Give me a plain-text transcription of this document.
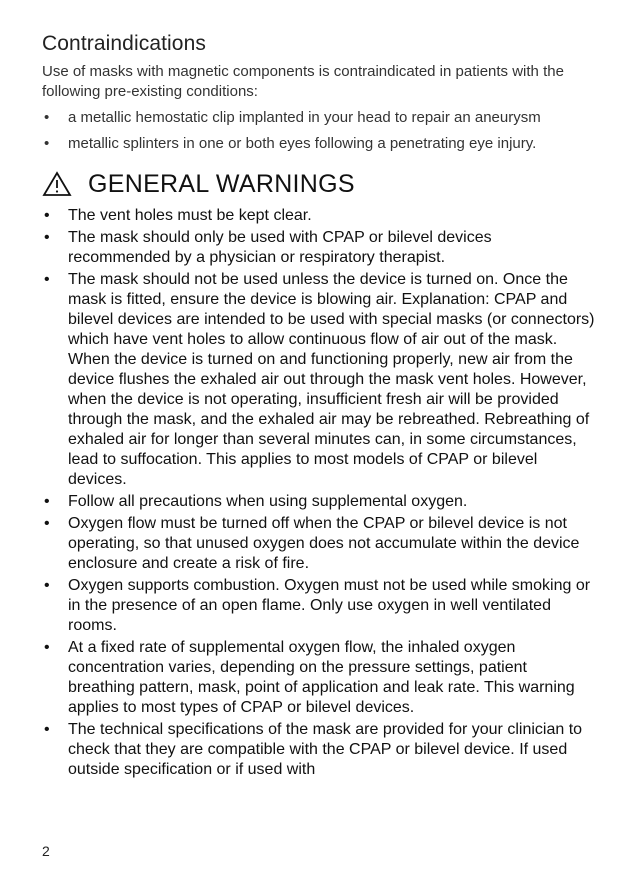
Contraindications

Use of masks with magnetic components is contraindicated in patients with the following pre-existing conditions:

•	a metallic hemostatic clip implanted in your head to repair an aneurysm
•	metallic splinters in one or both eyes following a penetrating eye injury.
GENERAL WARNINGS
•	The vent holes must be kept clear.
•	The mask should only be used with CPAP or bilevel devices recommended by a physician or respiratory therapist.
•	The mask should not be used unless the device is turned on. Once the mask is fitted, ensure the device is blowing air. Explanation: CPAP and bilevel devices are intended to be used with special masks (or connectors) which have vent holes to allow continuous flow of air out of the mask. When the device is turned on and functioning properly, new air from the device flushes the exhaled air out through the mask vent holes. However, when the device is not operating, insufficient fresh air will be provided through the mask, and the exhaled air may be rebreathed. Rebreathing of exhaled air for longer than several minutes can, in some circumstances, lead to suffocation. This applies to most models of CPAP or bilevel devices.
•	Follow all precautions when using supplemental oxygen.
•	Oxygen flow must be turned off when the CPAP or bilevel device is not operating, so that unused oxygen does not accumulate within the device enclosure and create a risk of fire.
•	Oxygen supports combustion. Oxygen must not be used while smoking or in the presence of an open flame. Only use oxygen in well ventilated rooms.
•	At a fixed rate of supplemental oxygen flow, the inhaled oxygen concentration varies, depending on the pressure settings, patient breathing pattern, mask, point of application and leak rate. This warning applies to most types of CPAP or bilevel devices.
•	The technical specifications of the mask are provided for your clinician to check that they are compatible with the CPAP or bilevel device. If used outside specification or if used with
2
